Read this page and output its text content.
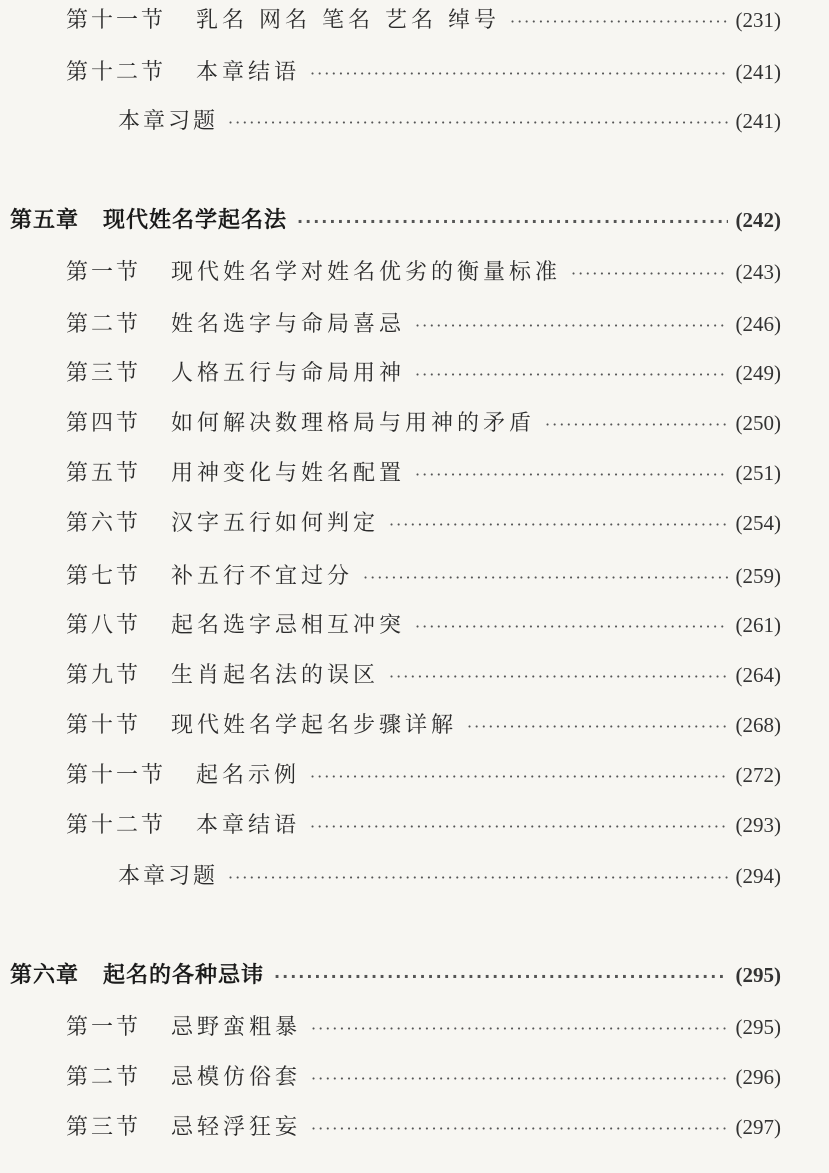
第十一节 乳名 网名 笔名 艺名 绰号 ·····	(231)
第十二节 本章结语 ·····	(241)
本章习题 ·····	(241)
第五章 现代姓名学起名法 ·····	(242)
第一节 现代姓名学对姓名优劣的衡量标准 ·····	(243)
第二节 姓名选字与命局喜忌 ·····	(246)
第三节 人格五行与命局用神 ·····	(249)
第四节 如何解决数理格局与用神的矛盾 ·····	(250)
第五节 用神变化与姓名配置 ·····	(251)
第六节 汉字五行如何判定 ·····	(254)
第七节 补五行不宜过分 ·····	(259)
第八节 起名选字忌相互冲突 ·····	(261)
第九节 生肖起名法的误区 ·····	(264)
第十节 现代姓名学起名步骤详解 ·····	(268)
第十一节 起名示例 ·····	(272)
第十二节 本章结语 ·····	(293)
本章习题 ·····	(294)
第六章 起名的各种忌讳 ·····	(295)
第一节 忌野蛮粗暴 ·····	(295)
第二节 忌模仿俗套 ·····	(296)
第三节 忌轻浮狂妄 ·····	(297)
